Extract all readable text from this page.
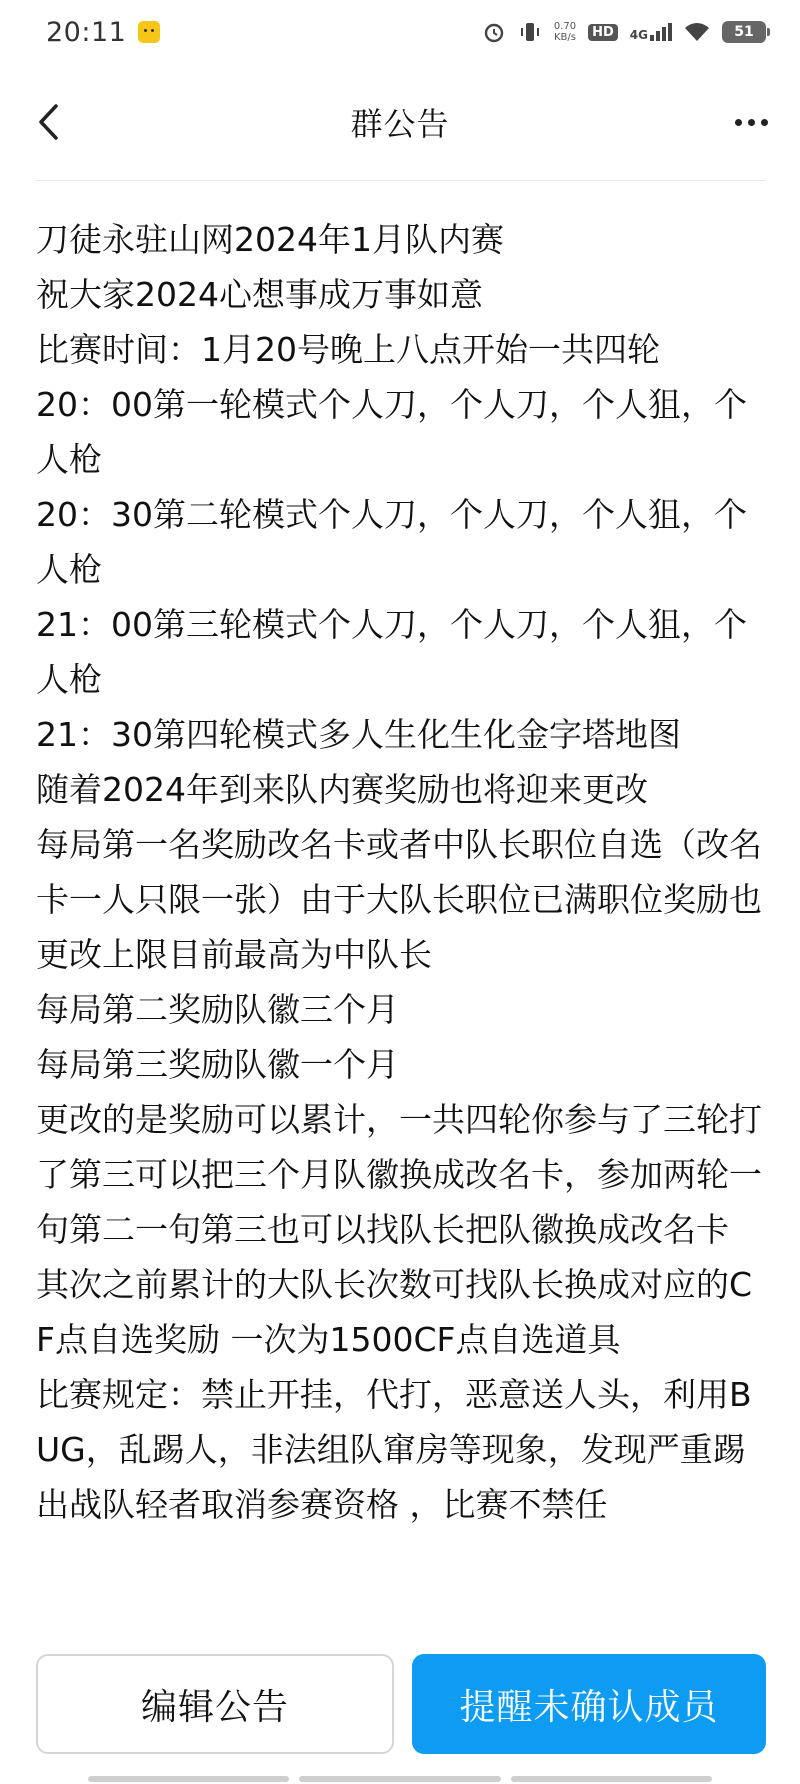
20:11	0.70
KB/s	HD	4G	51
群公告

刀徒永驻山网2024年1月队内赛

祝大家2024心想事成万事如意

比赛时间：1月20号晚上八点开始一共四轮

20：00第一轮模式个人刀，个人刀，个人狙，个人枪

20：30第二轮模式个人刀，个人刀，个人狙，个人枪

21：00第三轮模式个人刀，个人刀，个人狙，个人枪

21：30第四轮模式多人生化生化金字塔地图

随着2024年到来队内赛奖励也将迎来更改

每局第一名奖励改名卡或者中队长职位自选（改名卡一人只限一张）由于大队长职位已满职位奖励也更改上限目前最高为中队长

每局第二奖励队徽三个月

每局第三奖励队徽一个月

更改的是奖励可以累计，一共四轮你参与了三轮打了第三可以把三个月队徽换成改名卡，参加两轮一句第二一句第三也可以找队长把队徽换成改名卡

其次之前累计的大队长次数可找队长换成对应的CF点自选奖励 一次为1500CF点自选道具

比赛规定：禁止开挂，代打，恶意送人头，利用BUG，乱踢人，非法组队窜房等现象，发现严重踢出战队轻者取消参赛资格 ，比赛不禁任

编辑公告	提醒未确认成员
